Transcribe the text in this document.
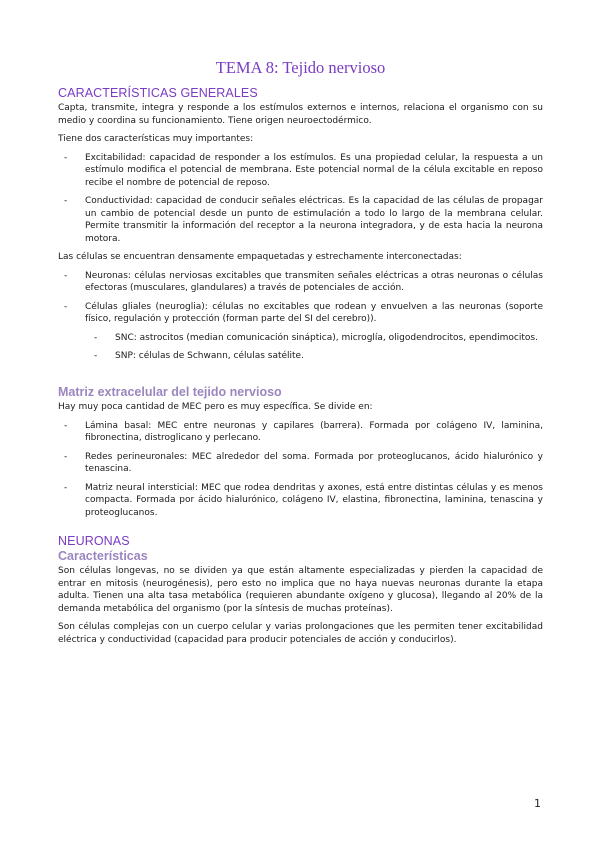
TEMA 8: Tejido nervioso
CARACTERÍSTICAS GENERALES

Capta, transmite, integra y responde a los estímulos externos e internos, relaciona el organismo con su medio y coordina su funcionamiento. Tiene origen neuroectodérmico.

Tiene dos características muy importantes:

- Excitabilidad: capacidad de responder a los estímulos. Es una propiedad celular, la respuesta a un estímulo modifica el potencial de membrana. Este potencial normal de la célula excitable en reposo recibe el nombre de potencial de reposo.

- Conductividad: capacidad de conducir señales eléctricas. Es la capacidad de las células de propagar un cambio de potencial desde un punto de estimulación a todo lo largo de la membrana celular. Permite transmitir la información del receptor a la neurona integradora, y de esta hacia la neurona motora.

Las células se encuentran densamente empaquetadas y estrechamente interconectadas:

- Neuronas: células nerviosas excitables que transmiten señales eléctricas a otras neuronas o células efectoras (musculares, glandulares) a través de potenciales de acción.

- Células gliales (neuroglia): células no excitables que rodean y envuelven a las neuronas (soporte físico, regulación y protección (forman parte del SI del cerebro)).

- SNC: astrocitos (median comunicación sináptica), microglía, oligodendrocitos, ependimocitos.

- SNP: células de Schwann, células satélite.

Matriz extracelular del tejido nervioso

Hay muy poca cantidad de MEC pero es muy específica. Se divide en:

- Lámina basal: MEC entre neuronas y capilares (barrera). Formada por colágeno IV, laminina, fibronectina, distroglicano y perlecano.

- Redes perineuronales: MEC alrededor del soma. Formada por proteoglucanos, ácido hialurónico y tenascina.

- Matriz neural intersticial: MEC que rodea dendritas y axones, está entre distintas células y es menos compacta. Formada por ácido hialurónico, colágeno IV, elastina, fibronectina, laminina, tenascina y proteoglucanos.

NEURONAS
Características

Son células longevas, no se dividen ya que están altamente especializadas y pierden la capacidad de entrar en mitosis (neurogénesis), pero esto no implica que no haya nuevas neuronas durante la etapa adulta. Tienen una alta tasa metabólica (requieren abundante oxígeno y glucosa), llegando al 20% de la demanda metabólica del organismo (por la síntesis de muchas proteínas).

Son células complejas con un cuerpo celular y varias prolongaciones que les permiten tener excitabilidad eléctrica y conductividad (capacidad para producir potenciales de acción y conducirlos).

1
